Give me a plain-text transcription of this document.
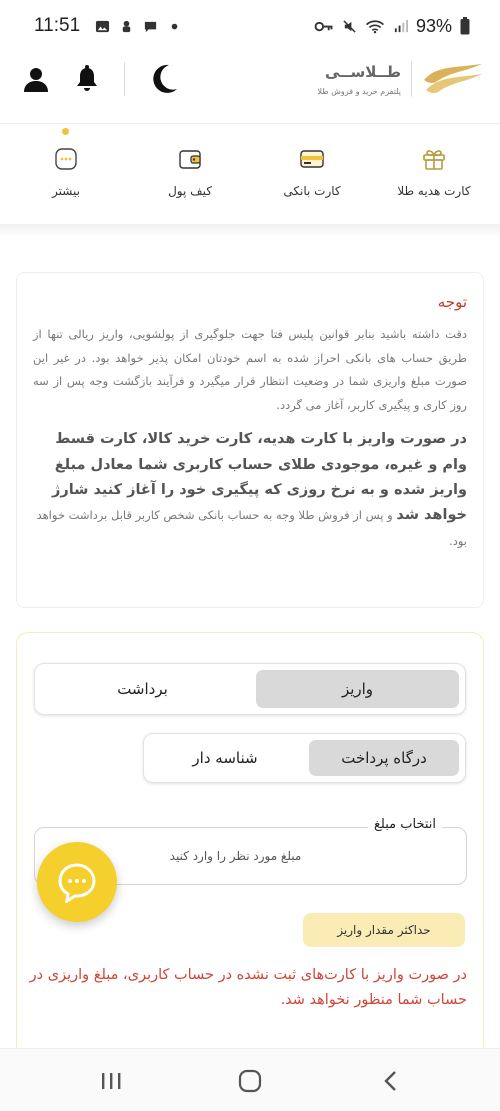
11:51	93%
طــلاســی
پلتفرم خرید و فروش طلا
کارت هدیه طلا
کارت بانکی
کیف پول
بیشتر
توجه
دقت داشته باشید بنابر قوانین پلیس فتا جهت جلوگیری از پولشویی، واریز ریالی تنها از طریق حساب های بانکی احراز شده به اسم خودتان امکان پذیر خواهد بود. در غیر این صورت مبلغ واریزی شما در وضعیت انتظار قرار میگیرد و فرآیند بازگشت وجه پس از سه روز کاری و پیگیری کاربر، آغاز می گردد.
در صورت واریز با کارت هدیه، کارت خرید کالا، کارت قسط وام و غیره، موجودی طلای حساب کاربری شما معادل مبلغ واریز شده و به نرخ روزی که پیگیری خود را آغاز کنید شارژ خواهد شد و پس از فروش طلا وجه به حساب بانکی شخص کاربر قابل برداشت خواهد بود.
واریز
برداشت
درگاه پرداخت
شناسه دار
انتخاب مبلغ
مبلغ مورد نظر را وارد کنید
حداکثر مقدار واریز
در صورت واریز با کارت‌های ثبت نشده در حساب کاربری، مبلغ واریزی در حساب شما منظور نخواهد شد.
